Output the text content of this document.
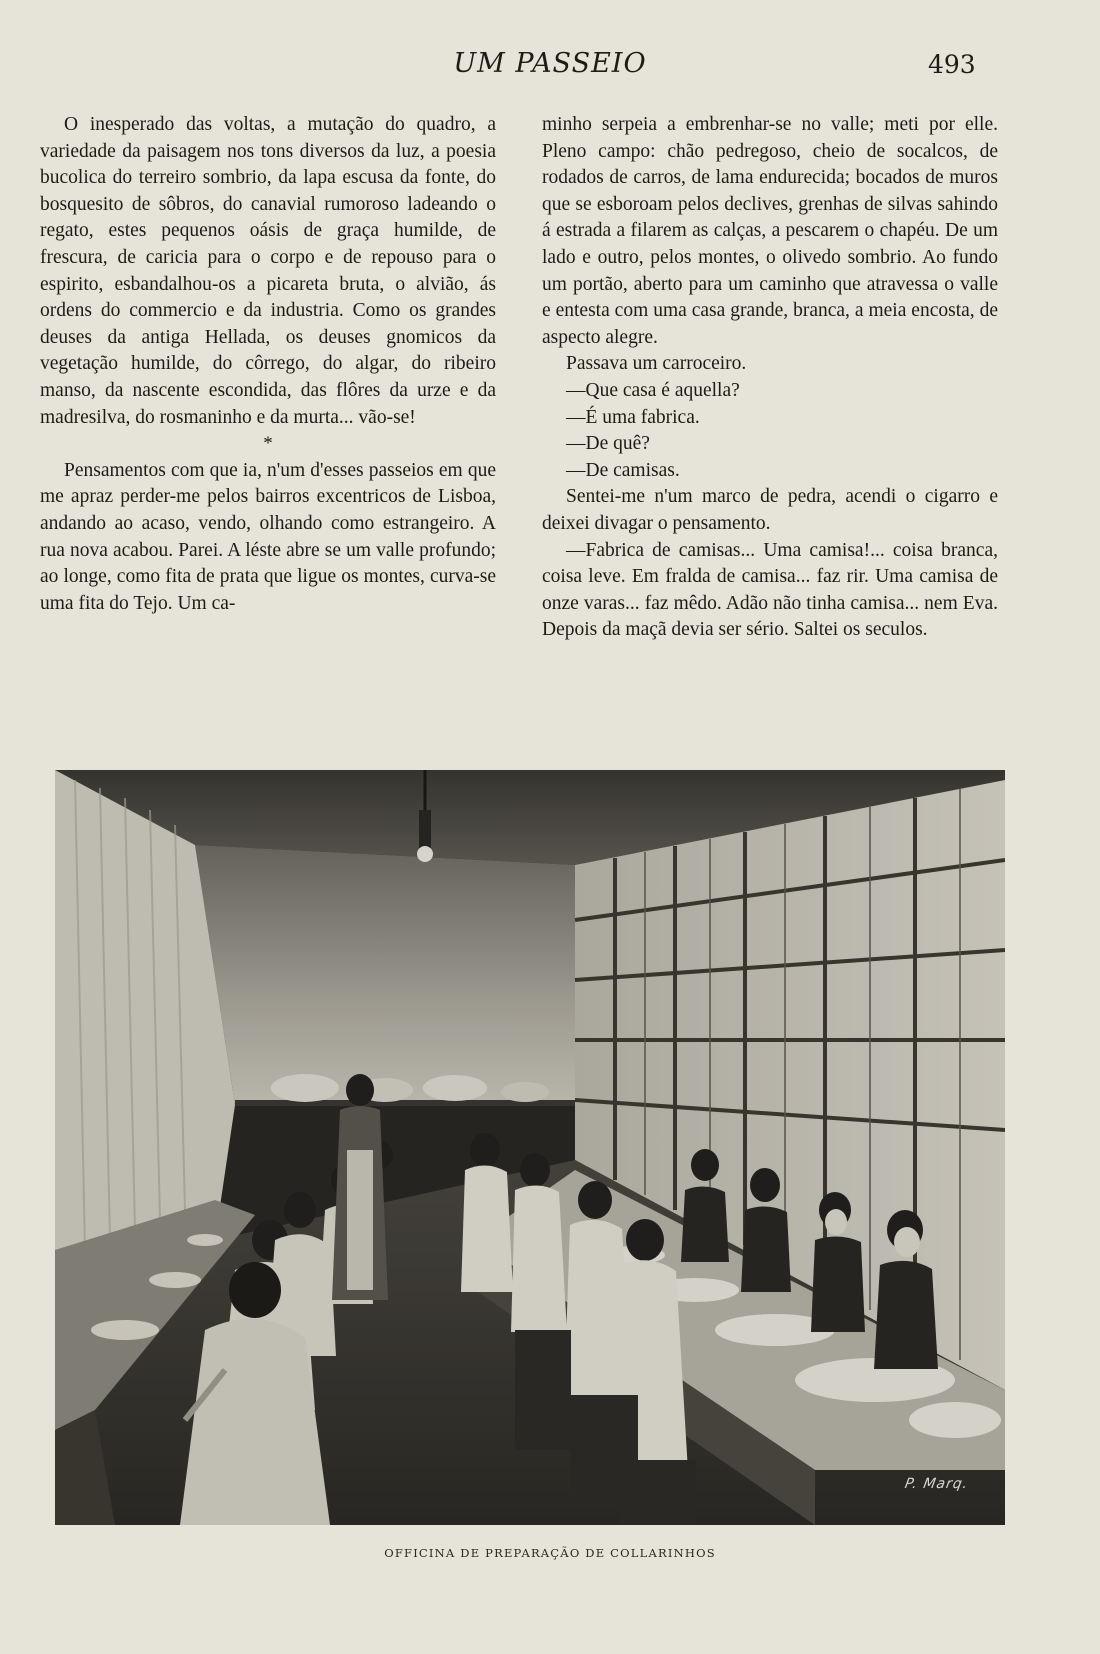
UM PASSEIO	493

O inesperado das voltas, a mutação do quadro, a variedade da paisagem nos tons diversos da luz, a poesia bucolica do terreiro sombrio, da lapa escusa da fonte, do bosquesito de sôbros, do canavial rumoroso ladeando o regato, estes pequenos oásis de graça humilde, de frescura, de caricia para o corpo e de repouso para o espirito, esbandalhou-os a picareta bruta, o alvião, ás ordens do commercio e da industria. Como os grandes deuses da antiga Hellada, os deuses gnomicos da vegetação humilde, do côrrego, do algar, do ribeiro manso, da nascente escondida, das flôres da urze e da madresilva, do rosmaninho e da murta... vão-se!

*

Pensamentos com que ia, n'um d'esses passeios em que me apraz perder-me pelos bairros excentricos de Lisboa, andando ao acaso, vendo, olhando como estrangeiro. A rua nova acabou. Parei. A léste abre se um valle profundo; ao longe, como fita de prata que ligue os montes, curva-se uma fita do Tejo. Um ca-

minho serpeia a embrenhar-se no valle; meti por elle. Pleno campo: chão pedregoso, cheio de socalcos, de rodados de carros, de lama endurecida; bocados de muros que se esboroam pelos declives, grenhas de silvas sahindo á estrada a filarem as calças, a pescarem o chapéu. De um lado e outro, pelos montes, o olivedo sombrio. Ao fundo um portão, aberto para um caminho que atravessa o valle e entesta com uma casa grande, branca, a meia encosta, de aspecto alegre.

Passava um carroceiro.

—Que casa é aquella?

—É uma fabrica.

—De quê?

—De camisas.

Sentei-me n'um marco de pedra, acendi o cigarro e deixei divagar o pensamento.

—Fabrica de camisas... Uma camisa!... coisa branca, coisa leve. Em fralda de camisa... faz rir. Uma camisa de onze varas... faz mêdo. Adão não tinha camisa... nem Eva. Depois da maçã devia ser sério. Saltei os seculos.

P. Marq.
OFFICINA DE PREPARAÇÃO DE COLLARINHOS
